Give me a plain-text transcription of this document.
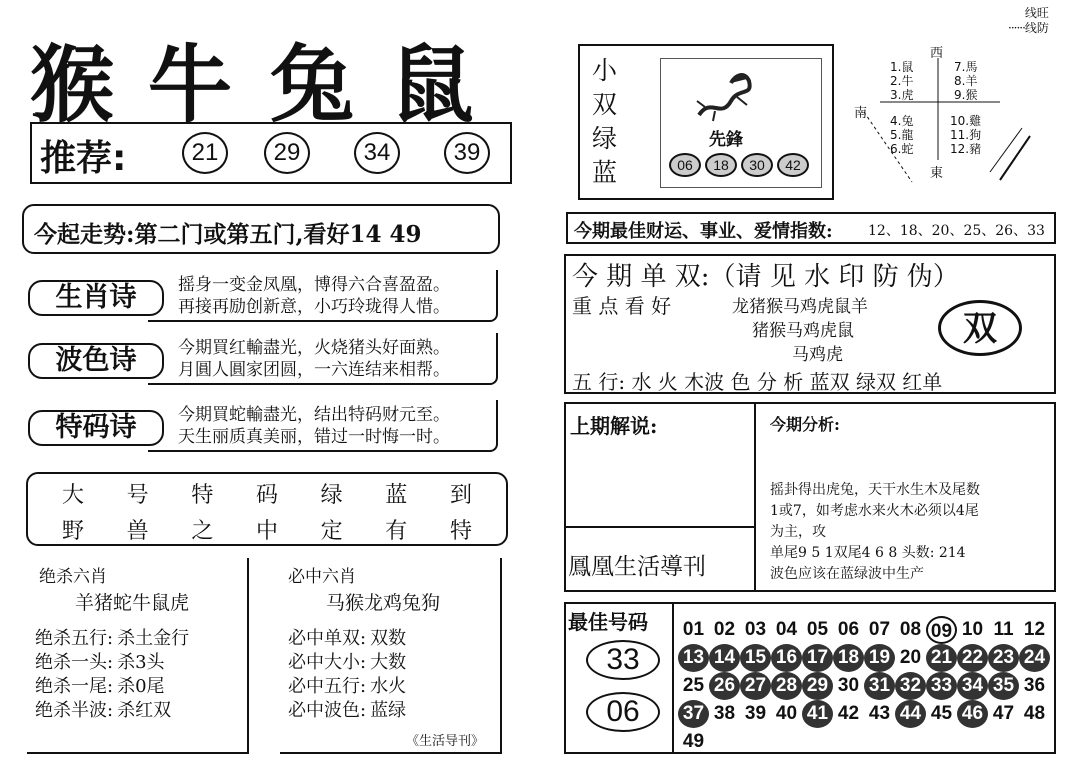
猴 牛 兔 鼠
推荐:	21	29	34	39
今起走势:第二门或第五门,看好14 49
生肖诗	摇身一变金凤凰，博得六合喜盈盈。
再接再励创新意，小巧玲珑得人惜。
波色诗	今期買红輸盡光，火烧猪头好面熟。
月圓人圓家团圆，一六连结来相帮。
特码诗	今期買蛇輸盡光，结出特码财元至。
天生丽质真美丽，错过一时悔一时。
大 号 特 码 绿 蓝 到
野 兽 之 中 定 有 特
绝杀六肖
羊猪蛇牛鼠虎
绝杀五行: 杀土金行
绝杀一头: 杀3头
绝杀一尾: 杀0尾
绝杀半波: 杀红双
必中六肖
马猴龙鸡兔狗
必中单双: 双数
必中大小: 大数
必中五行: 水火
必中波色: 蓝绿
《生活导刊》
线旺
······线防
小
双
绿
蓝
先鋒
06	18	30	42
西
南
東
1.鼠
2.牛
3.虎
7.馬
8.羊
9.猴
4.兔
5.龍
6.蛇
10.雞
11.狗
12.豬
今期最佳财运、事业、爱情指数:	12、18、20、25、26、33
今 期 单 双:（请 见 水 印 防 伪）
重 点 看 好	龙猪猴马鸡虎鼠羊
猪猴马鸡虎鼠
马鸡虎
双
五 行: 水 火 木波 色 分 析 蓝双 绿双 红单
上期解说:	今期分析:
鳳凰生活導刊
摇卦得出虎兔，天干水生木及尾数
1或7，如考虑水来火木必须以4尾
为主，攻
单尾9 5 1双尾4 6 8 头数: 214
波色应该在蓝绿波中生产
最佳号码
33
06
01 02 03 04 05 06 07 08 09 10 11 12
13 14 15 16 17 18 19 20 21 22 23 24
25 26 27 28 29 30 31 32 33 34 35 36
37 38 39 40 41 42 43 44 45 46 47 48
49
